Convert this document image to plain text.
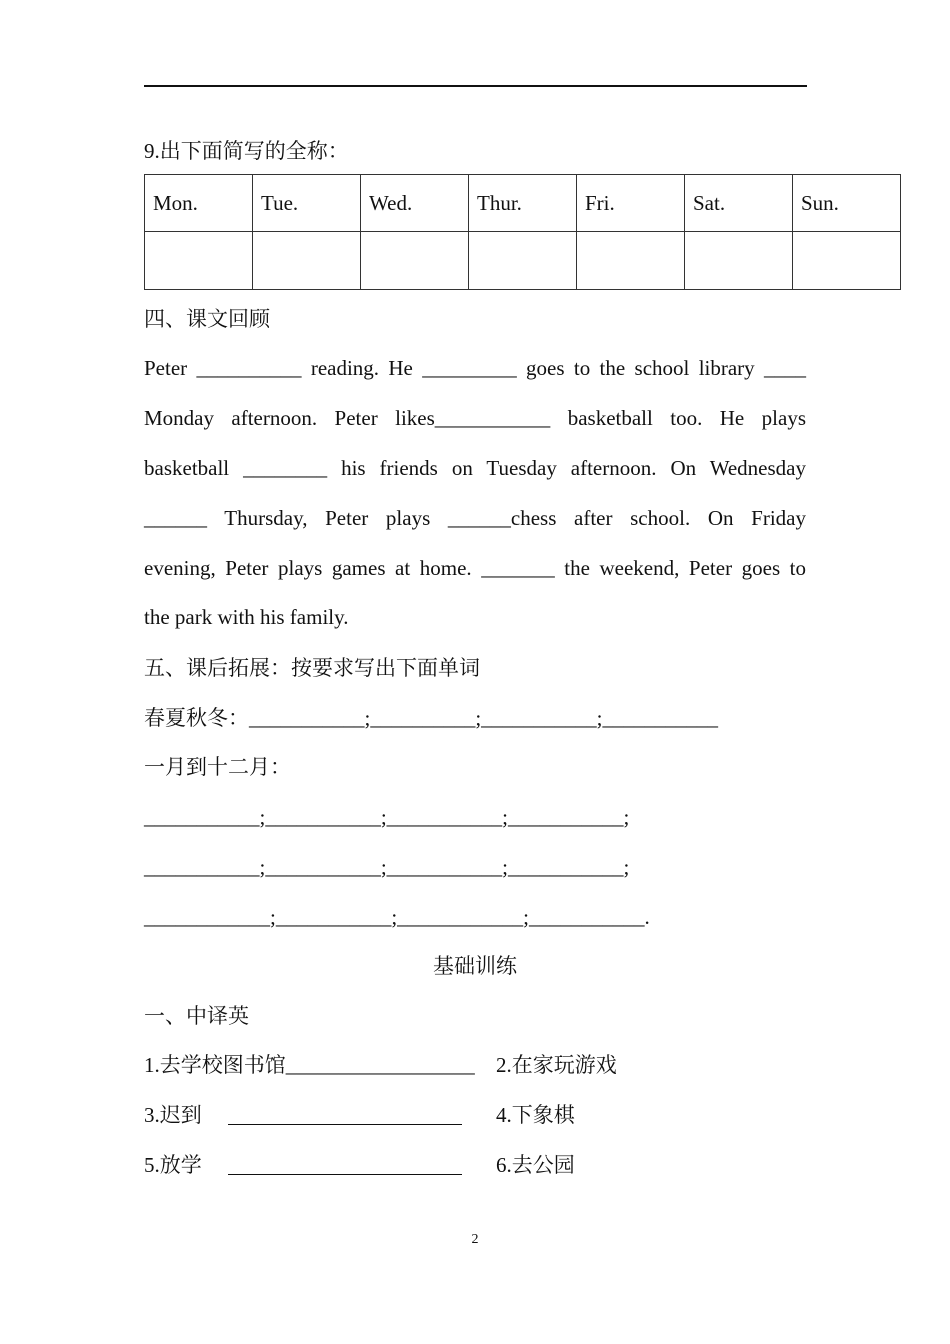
9.出下面简写的全称：
Mon.	Tue.	Wed.	Thur.	Fri.	Sat.	Sun.

四、课文回顾
Peter __________ reading. He _________ goes to the school library ____
Monday afternoon. Peter likes___________ basketball too. He plays
basketball ________ his friends on Tuesday afternoon. On Wednesday
______ Thursday, Peter plays ______chess after school. On Friday
evening, Peter plays games at home. _______ the weekend, Peter goes to
the park with his family.
五、课后拓展：按要求写出下面单词
春夏秋冬：___________;__________;___________;___________
一月到十二月：
___________;___________;___________;___________;
___________;___________;___________;___________;
____________;___________;____________;___________.
基础训练
一、中译英
1.去学校图书馆__________________ 2.在家玩游戏
3.迟到	4.下象棋
5.放学	6.去公园
2
